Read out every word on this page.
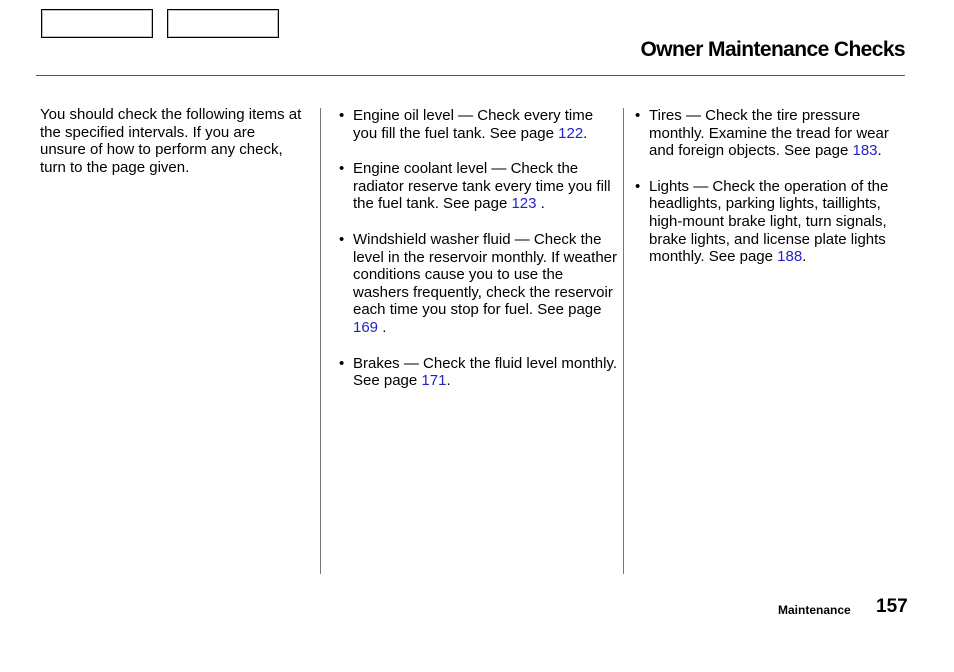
Owner Maintenance Checks
You should check the following items at the specified intervals. If you are unsure of how to perform any check, turn to the page given.
• Engine oil level — Check every time you fill the fuel tank. See page 122.
• Engine coolant level — Check the radiator reserve tank every time you fill the fuel tank. See page 123 .
• Windshield washer fluid — Check the level in the reservoir monthly. If weather conditions cause you to use the washers frequently, check the reservoir each time you stop for fuel. See page 169 .
• Brakes — Check the fluid level monthly. See page 171.
• Tires — Check the tire pressure monthly. Examine the tread for wear and foreign objects. See page 183.
• Lights — Check the operation of the headlights, parking lights, taillights, high-mount brake light, turn signals, brake lights, and license plate lights monthly. See page 188.
Maintenance 157
